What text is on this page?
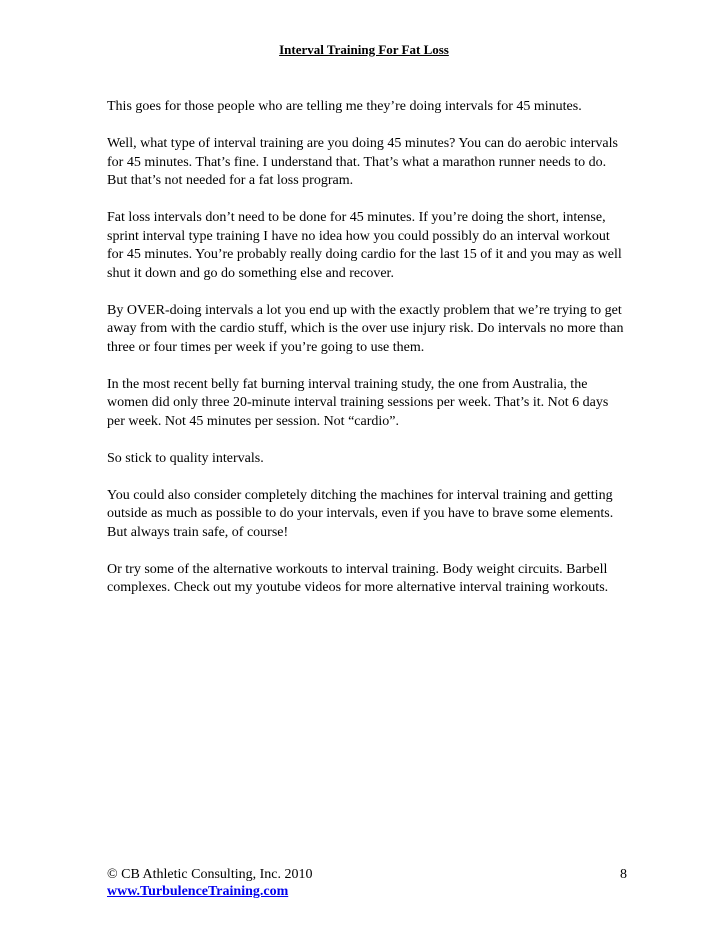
Interval Training For Fat Loss

This goes for those people who are telling me they’re doing intervals for 45 minutes.

Well, what type of interval training are you doing 45 minutes? You can do aerobic intervals for 45 minutes. That’s fine. I understand that. That’s what a marathon runner needs to do. But that’s not needed for a fat loss program.

Fat loss intervals don’t need to be done for 45 minutes. If you’re doing the short, intense, sprint interval type training I have no idea how you could possibly do an interval workout for 45 minutes. You’re probably really doing cardio for the last 15 of it and you may as well shut it down and go do something else and recover.

By OVER-doing intervals a lot you end up with the exactly problem that we’re trying to get away from with the cardio stuff, which is the over use injury risk. Do intervals no more than three or four times per week if you’re going to use them.

In the most recent belly fat burning interval training study, the one from Australia, the women did only three 20-minute interval training sessions per week. That’s it. Not 6 days per week. Not 45 minutes per session. Not “cardio”.

So stick to quality intervals.

You could also consider completely ditching the machines for interval training and getting outside as much as possible to do your intervals, even if you have to brave some elements. But always train safe, of course!

Or try some of the alternative workouts to interval training. Body weight circuits. Barbell complexes. Check out my youtube videos for more alternative interval training workouts.

© CB Athletic Consulting, Inc. 2010	8
www.TurbulenceTraining.com
